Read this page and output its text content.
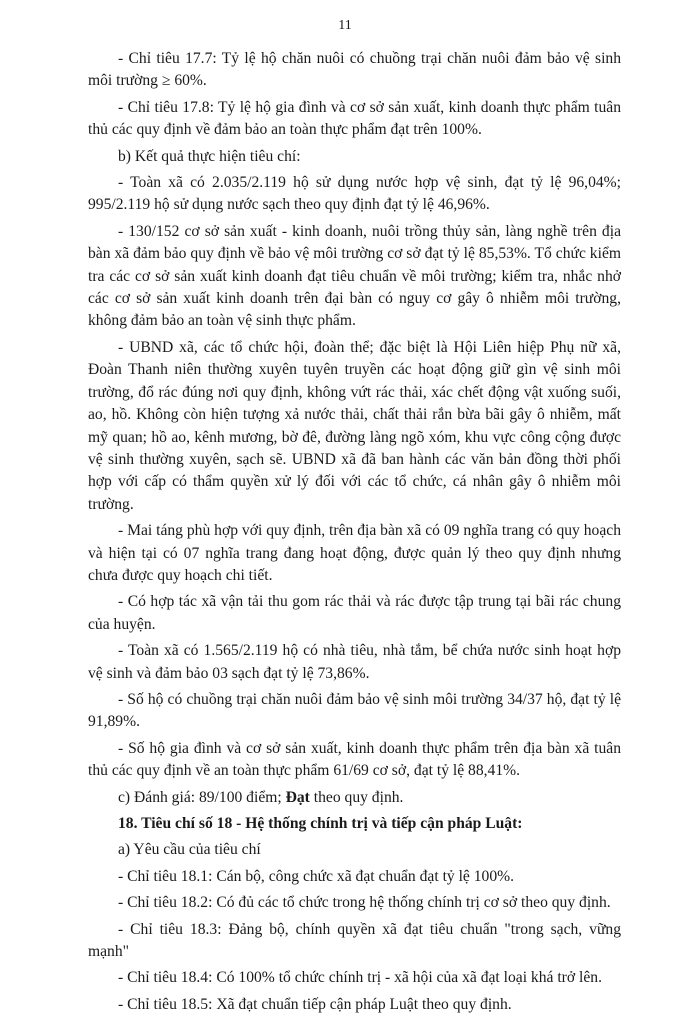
11

- Chỉ tiêu 17.7: Tỷ lệ hộ chăn nuôi có chuồng trại chăn nuôi đảm bảo vệ sinh môi trường ≥ 60%.

- Chỉ tiêu 17.8: Tỷ lệ hộ gia đình và cơ sở sản xuất, kinh doanh thực phẩm tuân thủ các quy định về đảm bảo an toàn thực phẩm đạt trên 100%.

b) Kết quả thực hiện tiêu chí:

- Toàn xã có 2.035/2.119 hộ sử dụng nước hợp vệ sinh, đạt tỷ lệ 96,04%; 995/2.119 hộ sử dụng nước sạch theo quy định đạt tỷ lệ 46,96%.

- 130/152 cơ sở sản xuất - kinh doanh, nuôi trồng thủy sản, làng nghề trên địa bàn xã đảm bảo quy định về bảo vệ môi trường cơ sở đạt tỷ lệ 85,53%. Tổ chức kiểm tra các cơ sở sản xuất kinh doanh đạt tiêu chuẩn về môi trường; kiểm tra, nhắc nhở các cơ sở sản xuất kinh doanh trên đại bàn có nguy cơ gây ô nhiễm môi trường, không đảm bảo an toàn vệ sinh thực phẩm.

- UBND xã, các tổ chức hội, đoàn thể; đặc biệt là Hội Liên hiệp Phụ nữ xã, Đoàn Thanh niên thường xuyên tuyên truyền các hoạt động giữ gìn vệ sinh môi trường, đổ rác đúng nơi quy định, không vứt rác thải, xác chết động vật xuống suối, ao, hồ. Không còn hiện tượng xả nước thải, chất thải rắn bừa bãi gây ô nhiễm, mất mỹ quan; hồ ao, kênh mương, bờ đê, đường làng ngõ xóm, khu vực công cộng được vệ sinh thường xuyên, sạch sẽ. UBND xã đã ban hành các văn bản đồng thời phối hợp với cấp có thẩm quyền xử lý đối với các tổ chức, cá nhân gây ô nhiễm môi trường.

- Mai táng phù hợp với quy định, trên địa bàn xã có 09 nghĩa trang có quy hoạch và hiện tại có 07 nghĩa trang đang hoạt động, được quản lý theo quy định nhưng chưa được quy hoạch chi tiết.

- Có hợp tác xã vận tải thu gom rác thải và rác được tập trung tại bãi rác chung của huyện.

- Toàn xã có 1.565/2.119 hộ có nhà tiêu, nhà tắm, bể chứa nước sinh hoạt hợp vệ sinh và đảm bảo 03 sạch đạt tỷ lệ 73,86%.

- Số hộ có chuồng trại chăn nuôi đảm bảo vệ sinh môi trường 34/37 hộ, đạt tỷ lệ 91,89%.

- Số hộ gia đình và cơ sở sản xuất, kinh doanh thực phẩm trên địa bàn xã tuân thủ các quy định về an toàn thực phẩm 61/69 cơ sở, đạt tỷ lệ 88,41%.

c) Đánh giá: 89/100 điểm; Đạt theo quy định.

18. Tiêu chí số 18 - Hệ thống chính trị và tiếp cận pháp Luật:

a) Yêu cầu của tiêu chí

- Chỉ tiêu 18.1: Cán bộ, công chức xã đạt chuẩn đạt tỷ lệ 100%.

- Chỉ tiêu 18.2: Có đủ các tổ chức trong hệ thống chính trị cơ sở theo quy định.

- Chỉ tiêu 18.3: Đảng bộ, chính quyền xã đạt tiêu chuẩn "trong sạch, vững mạnh"

- Chỉ tiêu 18.4: Có 100% tổ chức chính trị - xã hội của xã đạt loại khá trở lên.

- Chỉ tiêu 18.5: Xã đạt chuẩn tiếp cận pháp Luật theo quy định.
